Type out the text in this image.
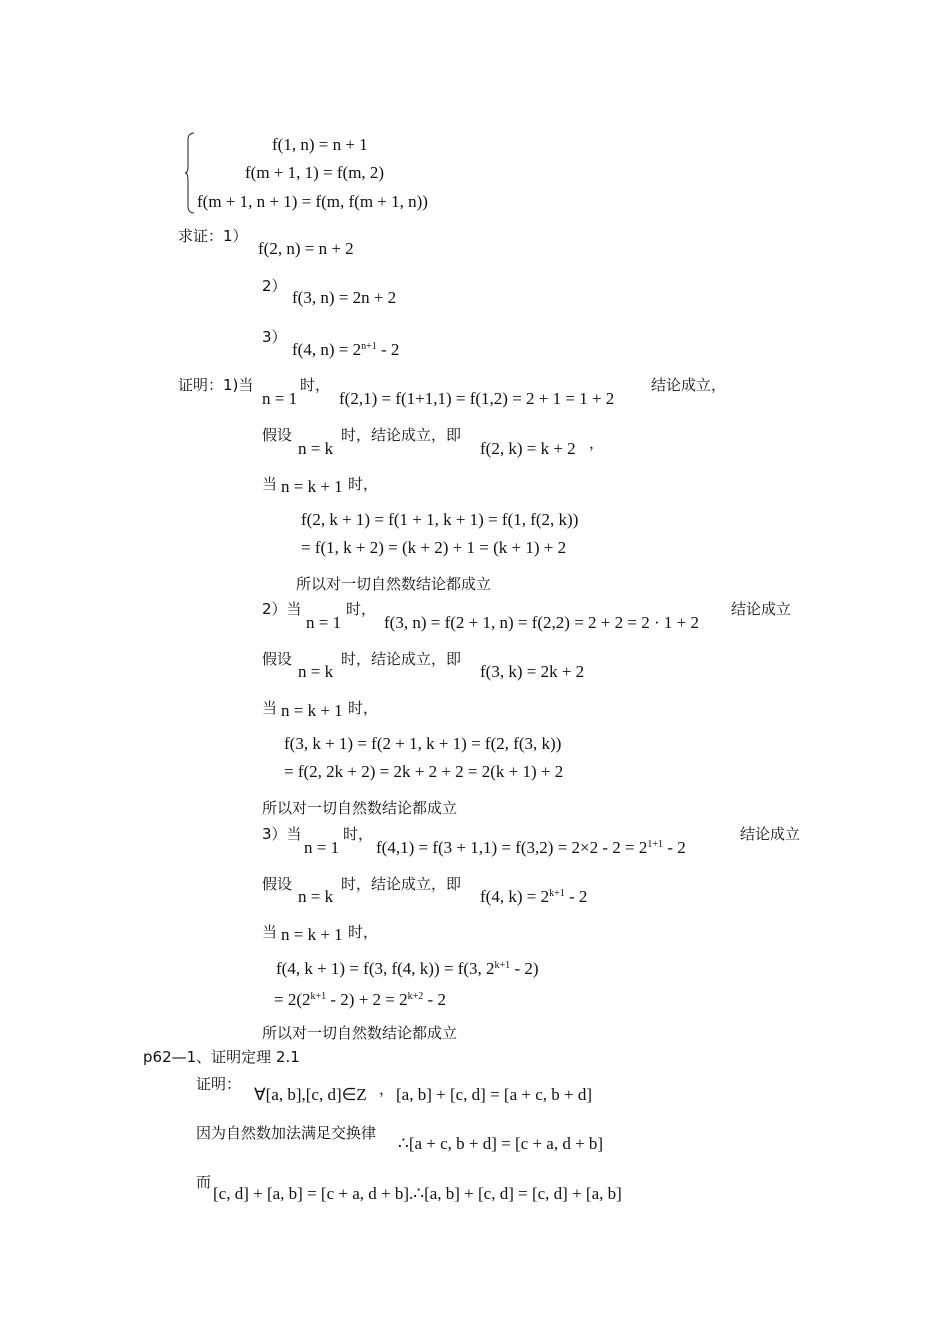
f(1, n) = n + 1
f(m + 1, 1) = f(m, 2)
f(m + 1, n + 1) = f(m, f(m + 1, n))
求证：1）
f(2, n) = n + 2
2）
f(3, n) = 2n + 2
3）
f(4, $n) = 2^{n+1} - 2$
证明：1)当
n = 1
时，
f(2,1) = f(1+1,1) = f(1,2) = 2 + 1 = 1 + 2
结论成立，
假设
n = k
时，结论成立，即
f(2, k) = k + 2 ，
当 n = k + 1 时，
f(2, k + 1) = f(1 + 1, k + 1) = f(1, f(2, k))
= f(1, k + 2) = (k + 2) + 1 = (k + 1) + 2
所以对一切自然数结论都成立
2）当
n = 1
时，
f(3, n) = f(2 + 1, n) = f(2,2) = 2 + 2 = 2 · 1 + 2
结论成立
假设
n = k
时，结论成立，即
f(3, k) = 2k + 2
当 n = k + 1 时，
f(3, k + 1) = f(2 + 1, k + 1) = f(2, f(3, k))
= f(2, 2k + 2) = 2k + 2 + 2 = 2(k + 1) + 2
所以对一切自然数结论都成立
3）当
n = 1
时，
$f(4,1) = f(3 + 1,1) = f(3,2) = 2\times 2 - 2 = 2^{1+1} - 2$
结论成立
假设
n = k
时，结论成立，即
f(4, $k) = 2^{k+1} - 2$
当 n = k + 1 时，
f(4, k + 1) = f(3, f(4, k)) = f(3, $2^{k+1} - 2$)
= $2(2^{k+1} - 2) + 2 = 2^{k+2} - 2$
所以对一切自然数结论都成立
p62—1、证明定理 2.1
证明：
∀[a, b],[c, d]∈Z ， [a, b] + [c, d] = [a + c, b + d]
因为自然数加法满足交换律
∴[a + c, b + d] = [c + a, d + b]
而
[c, d] + [a, b] = [c + a, d + b].∴[a, b] + [c, d] = [c, d] + [a, b]
